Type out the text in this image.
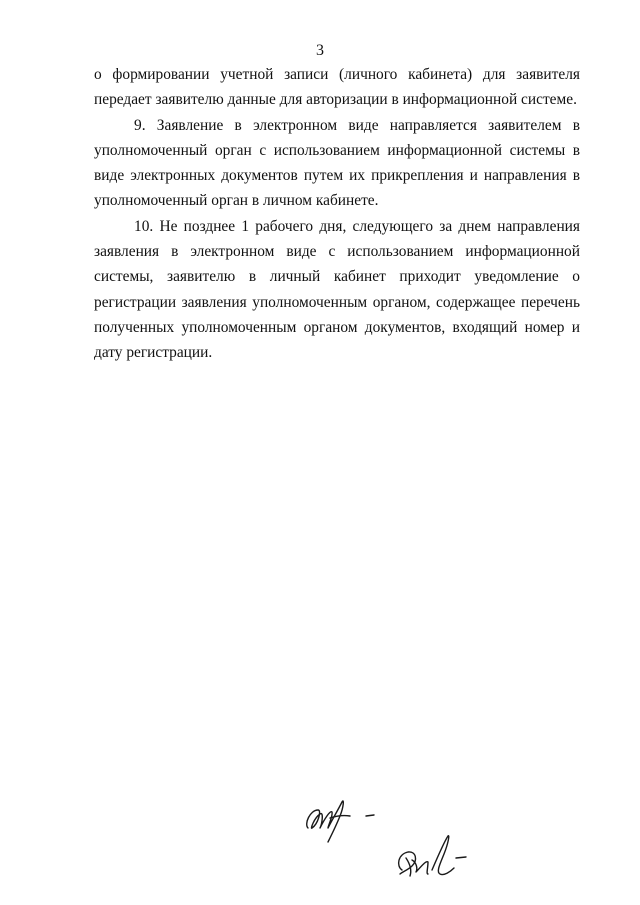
3

о формировании учетной записи (личного кабинета) для заявителя передает заявителю данные для авторизации в информационной системе.

9. Заявление в электронном виде направляется заявителем в уполномоченный орган с использованием информационной системы в виде электронных документов путем их прикрепления и направления в уполномоченный орган в личном кабинете.

10. Не позднее 1 рабочего дня, следующего за днем направления заявления в электронном виде с использованием информационной системы, заявителю в личный кабинет приходит уведомление о регистрации заявления уполномоченным органом, содержащее перечень полученных уполномоченным органом документов, входящий номер и дату регистрации.
